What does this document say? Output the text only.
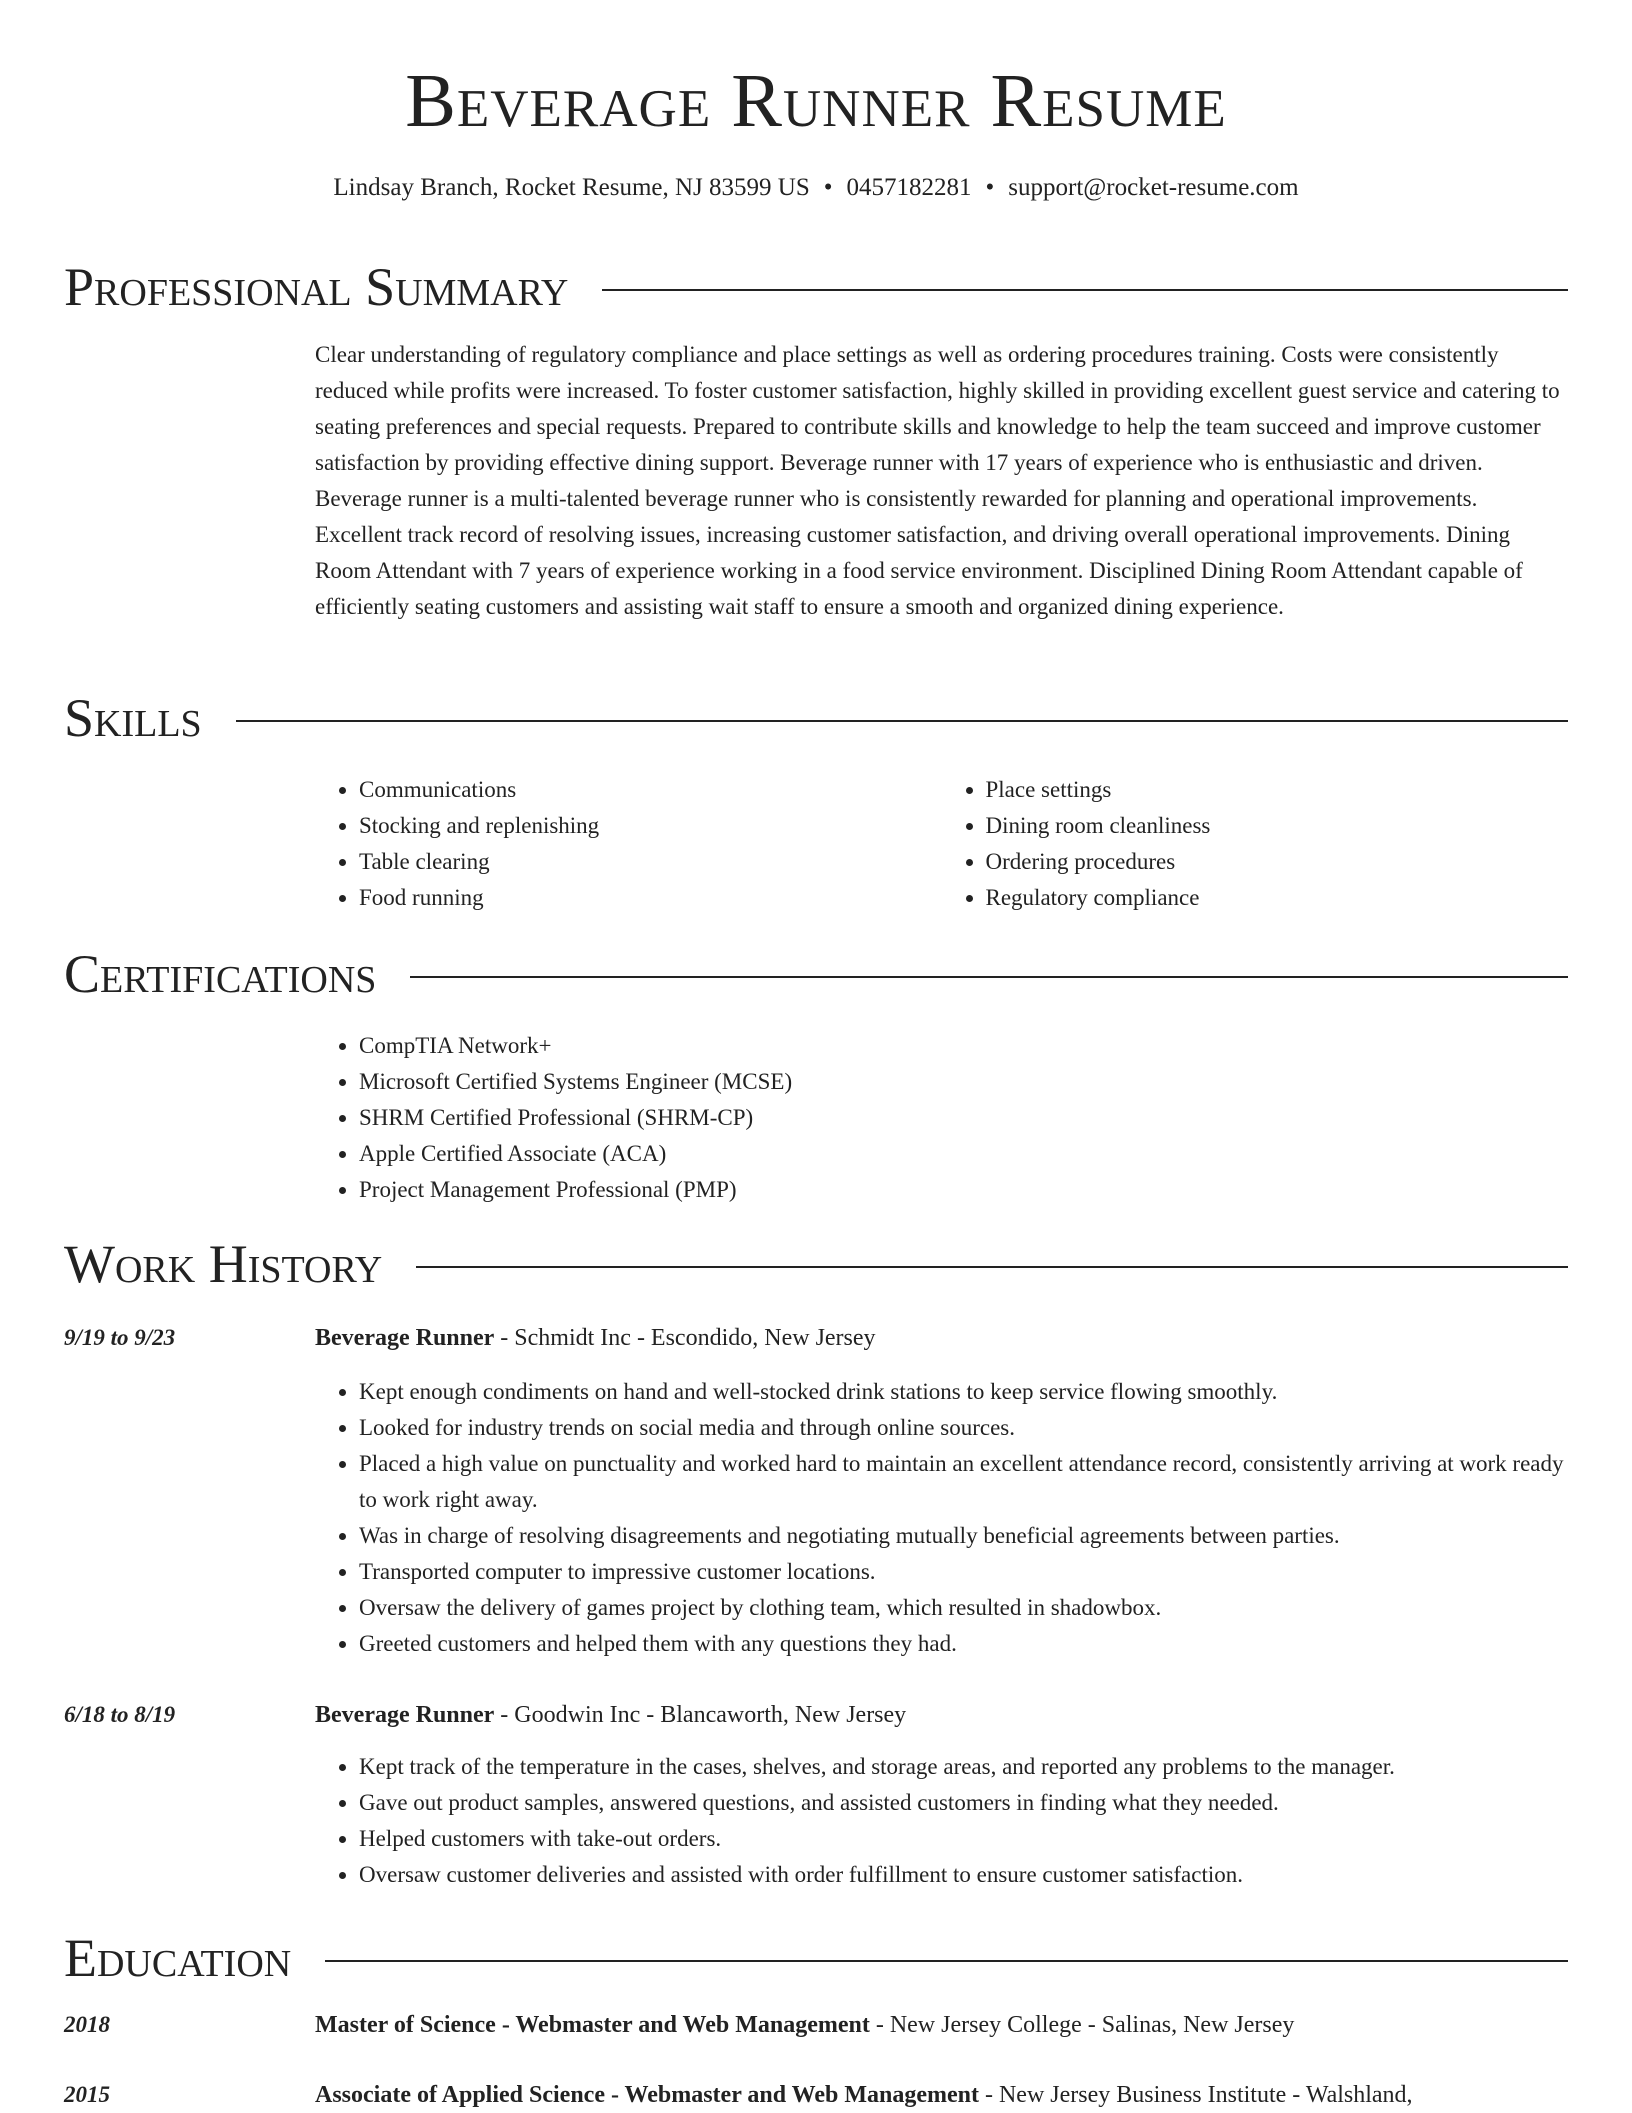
Beverage Runner Resume
Lindsay Branch, Rocket Resume, NJ 83599 US • 0457182281 • support@rocket-resume.com
Professional Summary
Clear understanding of regulatory compliance and place settings as well as ordering procedures training. Costs were consistently reduced while profits were increased. To foster customer satisfaction, highly skilled in providing excellent guest service and catering to seating preferences and special requests. Prepared to contribute skills and knowledge to help the team succeed and improve customer satisfaction by providing effective dining support. Beverage runner with 17 years of experience who is enthusiastic and driven. Beverage runner is a multi-talented beverage runner who is consistently rewarded for planning and operational improvements. Excellent track record of resolving issues, increasing customer satisfaction, and driving overall operational improvements. Dining Room Attendant with 7 years of experience working in a food service environment. Disciplined Dining Room Attendant capable of efficiently seating customers and assisting wait staff to ensure a smooth and organized dining experience.
Skills
• Communications
• Stocking and replenishing
• Table clearing
• Food running
• Place settings
• Dining room cleanliness
• Ordering procedures
• Regulatory compliance
Certifications
• CompTIA Network+
• Microsoft Certified Systems Engineer (MCSE)
• SHRM Certified Professional (SHRM-CP)
• Apple Certified Associate (ACA)
• Project Management Professional (PMP)
Work History
9/19 to 9/23	Beverage Runner - Schmidt Inc - Escondido, New Jersey
• Kept enough condiments on hand and well-stocked drink stations to keep service flowing smoothly.
• Looked for industry trends on social media and through online sources.
• Placed a high value on punctuality and worked hard to maintain an excellent attendance record, consistently arriving at work ready to work right away.
• Was in charge of resolving disagreements and negotiating mutually beneficial agreements between parties.
• Transported computer to impressive customer locations.
• Oversaw the delivery of games project by clothing team, which resulted in shadowbox.
• Greeted customers and helped them with any questions they had.
6/18 to 8/19	Beverage Runner - Goodwin Inc - Blancaworth, New Jersey
• Kept track of the temperature in the cases, shelves, and storage areas, and reported any problems to the manager.
• Gave out product samples, answered questions, and assisted customers in finding what they needed.
• Helped customers with take-out orders.
• Oversaw customer deliveries and assisted with order fulfillment to ensure customer satisfaction.
Education
2018	Master of Science - Webmaster and Web Management - New Jersey College - Salinas, New Jersey
2015	Associate of Applied Science - Webmaster and Web Management - New Jersey Business Institute - Walshland,
